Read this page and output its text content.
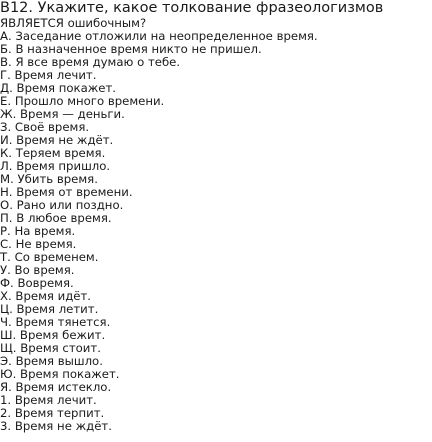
B12. Укажите, какое толкование фразеологизмов
ЯВЛЯЕТСЯ ошибочным?
А. Заседание отложили на неопределенное время.
Б. В назначенное время никто не пришел.
В. Я все время думаю о тебе.
Г. Время лечит.
Д. Время покажет.
Е. Прошло много времени.
Ж. Время — деньги.
З. Своё время.
И. Время не ждёт.
К. Теряем время.
Л. Время пришло.
М. Убить время.
Н. Время от времени.
О. Рано или поздно.
П. В любое время.
Р. На время.
С. Не время.
Т. Со временем.
У. Во время.
Ф. Вовремя.
Х. Время идёт.
Ц. Время летит.
Ч. Время тянется.
Ш. Время бежит.
Щ. Время стоит.
Э. Время вышло.
Ю. Время покажет.
Я. Время истекло.
1. Время лечит.
2. Время терпит.
3. Время не ждёт.
